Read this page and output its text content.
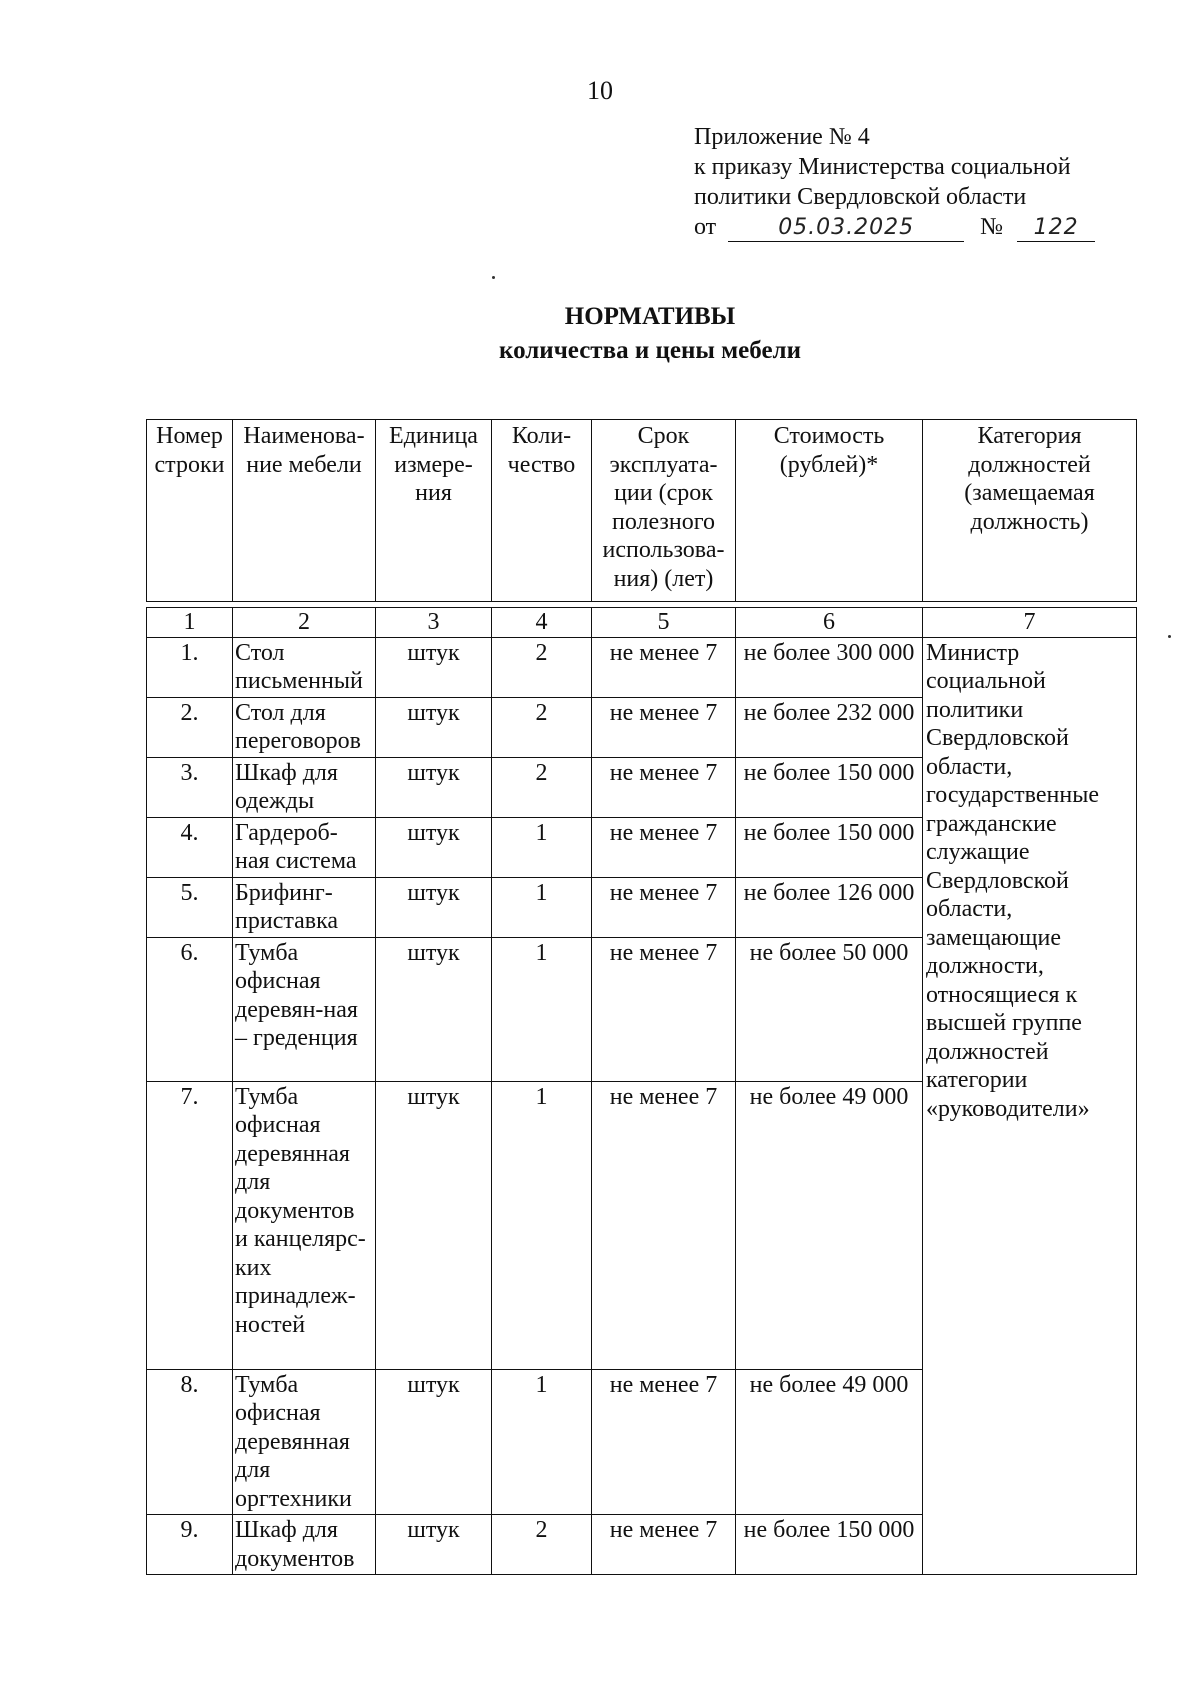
10
Приложение № 4
к приказу Министерства социальной
политики Свердловской области
от	05.03.2025	№ 122
НОРМАТИВЫ
количества и цены мебели
Номер строки	Наименова-ние мебели	Единица измере-ния	Коли-чество	Срок эксплуата-ции (срок полезного использова-ния) (лет)	Стоимость (рублей)*	Категория должностей (замещаемая должность)
1	2	3	4	5	6	7
1.	Стол письменный	штук	2	не менее 7	не более 300 000	Министр социальной политики Свердловской области, государственные гражданские служащие Свердловской области, замещающие должности, относящиеся к высшей группе должностей категории «руководители»
2.	Стол для переговоров	штук	2	не менее 7	не более 232 000	
3.	Шкаф для одежды	штук	2	не менее 7	не более 150 000	
4.	Гардероб-ная система	штук	1	не менее 7	не более 150 000	
5.	Брифинг-приставка	штук	1	не менее 7	не более 126 000	
6.	Тумба офисная деревян-ная – греденция	штук	1	не менее 7	не более 50 000	
7.	Тумба офисная деревянная для документов и канцелярс-ких принадлеж-ностей	штук	1	не менее 7	не более 49 000	
8.	Тумба офисная деревянная для оргтехники	штук	1	не менее 7	не более 49 000	
9.	Шкаф для документов	штук	2	не менее 7	не более 150 000	
